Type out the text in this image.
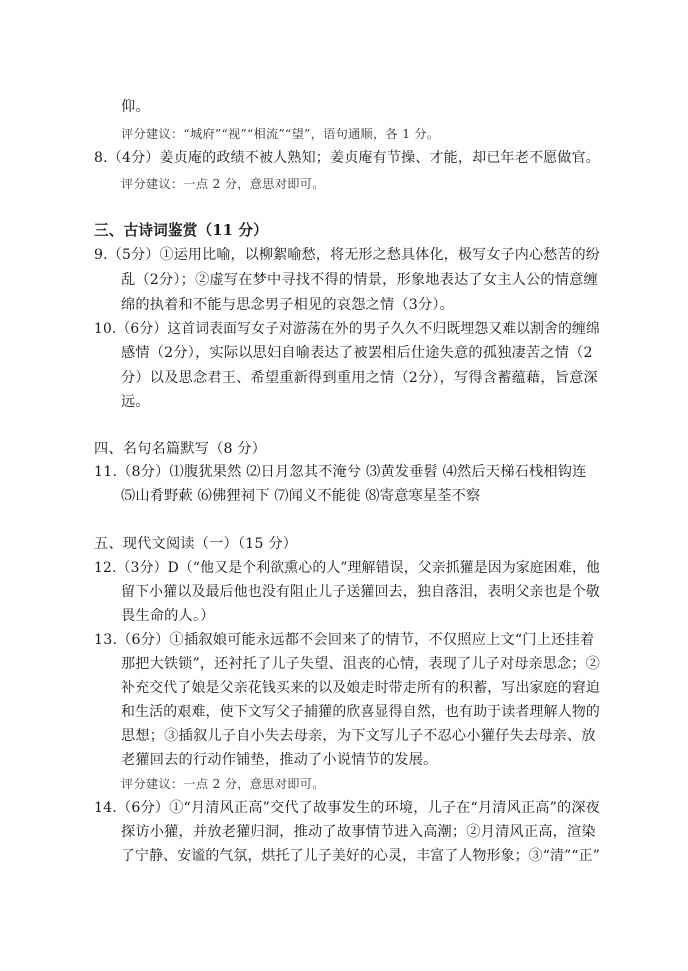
仰。
评分建议：“城府”“视”“相流”“望”，语句通顺，各 1 分。
8.（4分）姜贞庵的政绩不被人熟知；姜贞庵有节操、才能，却已年老不愿做官。
评分建议：一点 2 分，意思对即可。
三、古诗词鉴赏（11 分）
9.（5分）①运用比喻，以柳絮喻愁，将无形之愁具体化，极写女子内心愁苦的纷
乱（2分）；②虚写在梦中寻找不得的情景，形象地表达了女主人公的情意缠
绵的执着和不能与思念男子相见的哀怨之情（3分）。
10.（6分）这首词表面写女子对游荡在外的男子久久不归既埋怨又难以割舍的缠绵
感情（2分），实际以思妇自喻表达了被罢相后仕途失意的孤独凄苦之情（2
分）以及思念君王、希望重新得到重用之情（2分），写得含蓄蕴藉，旨意深
远。
四、名句名篇默写（8 分）
11.（8分）⑴腹犹果然 ⑵日月忽其不淹兮 ⑶黄发垂髫 ⑷然后天梯石栈相钩连
⑸山肴野蔌 ⑹佛狸祠下 ⑺闻义不能徙 ⑻寄意寒星荃不察
五、现代文阅读（一）（15 分）
12.（3分）D（“他又是个利欲熏心的人”理解错误，父亲抓獾是因为家庭困难，他
留下小獾以及最后他也没有阻止儿子送獾回去，独自落泪，表明父亲也是个敬
畏生命的人。）
13.（6分）①插叙娘可能永远都不会回来了的情节，不仅照应上文“门上还挂着
那把大铁锁”，还衬托了儿子失望、沮丧的心情，表现了儿子对母亲思念；②
补充交代了娘是父亲花钱买来的以及娘走时带走所有的积蓄，写出家庭的窘迫
和生活的艰难，使下文写父子捕獾的欣喜显得自然，也有助于读者理解人物的
思想；③插叙儿子自小失去母亲，为下文写儿子不忍心小獾仔失去母亲、放
老獾回去的行动作铺垫，推动了小说情节的发展。
评分建议：一点 2 分，意思对即可。
14.（6分）①“月清风正高”交代了故事发生的环境，儿子在“月清风正高”的深夜
探访小獾，并放老獾归洞，推动了故事情节进入高潮；②月清风正高，渲染
了宁静、安谧的气氛，烘托了儿子美好的心灵，丰富了人物形象；③“清”“正”
